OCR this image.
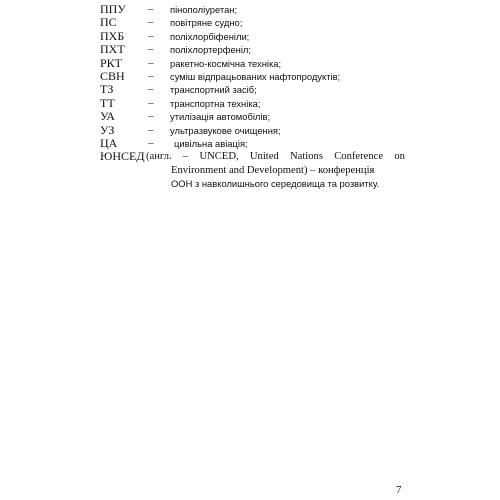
ППУ	–	пінополіуретан;
ПС	–	повітряне судно;
ПХБ	–	поліхлорбіфеніли;
ПХТ	–	поліхлортерфеніл;
РКТ	–	ракетно-космічна техніка;
СВН	–	суміш відпрацьованих нафтопродуктів;
ТЗ	–	транспортний засіб;
ТТ	–	транспортна техніка;
УА	–	утилізація автомобілів;
УЗ	–	ультразвукове очищення;
ЦА	–	цивільна авіація;
ЮНСЕД (англ. – UNCED, United Nations Conference on
Environment and Development) – конференція
ООН з навколишнього середовища та розвитку.
7
